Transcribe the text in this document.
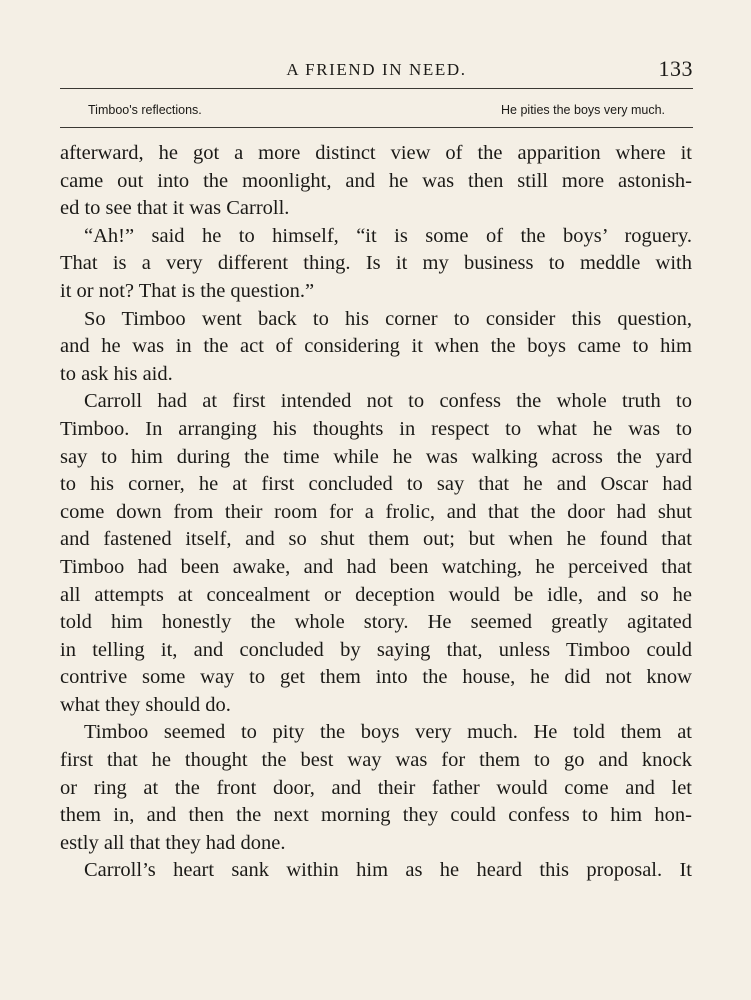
A FRIEND IN NEED.	133
Timboo's reflections.	He pities the boys very much.
afterward, he got a more distinct view of the apparition where it
came out into the moonlight, and he was then still more astonish-
ed to see that it was Carroll.
“Ah!” said he to himself, “it is some of the boys’ roguery.
That is a very different thing. Is it my business to meddle with
it or not? That is the question.”
So Timboo went back to his corner to consider this question,
and he was in the act of considering it when the boys came to him
to ask his aid.
Carroll had at first intended not to confess the whole truth to
Timboo. In arranging his thoughts in respect to what he was to
say to him during the time while he was walking across the yard
to his corner, he at first concluded to say that he and Oscar had
come down from their room for a frolic, and that the door had shut
and fastened itself, and so shut them out; but when he found that
Timboo had been awake, and had been watching, he perceived that
all attempts at concealment or deception would be idle, and so he
told him honestly the whole story. He seemed greatly agitated
in telling it, and concluded by saying that, unless Timboo could
contrive some way to get them into the house, he did not know
what they should do.
Timboo seemed to pity the boys very much. He told them at
first that he thought the best way was for them to go and knock
or ring at the front door, and their father would come and let
them in, and then the next morning they could confess to him hon-
estly all that they had done.
Carroll’s heart sank within him as he heard this proposal. It
